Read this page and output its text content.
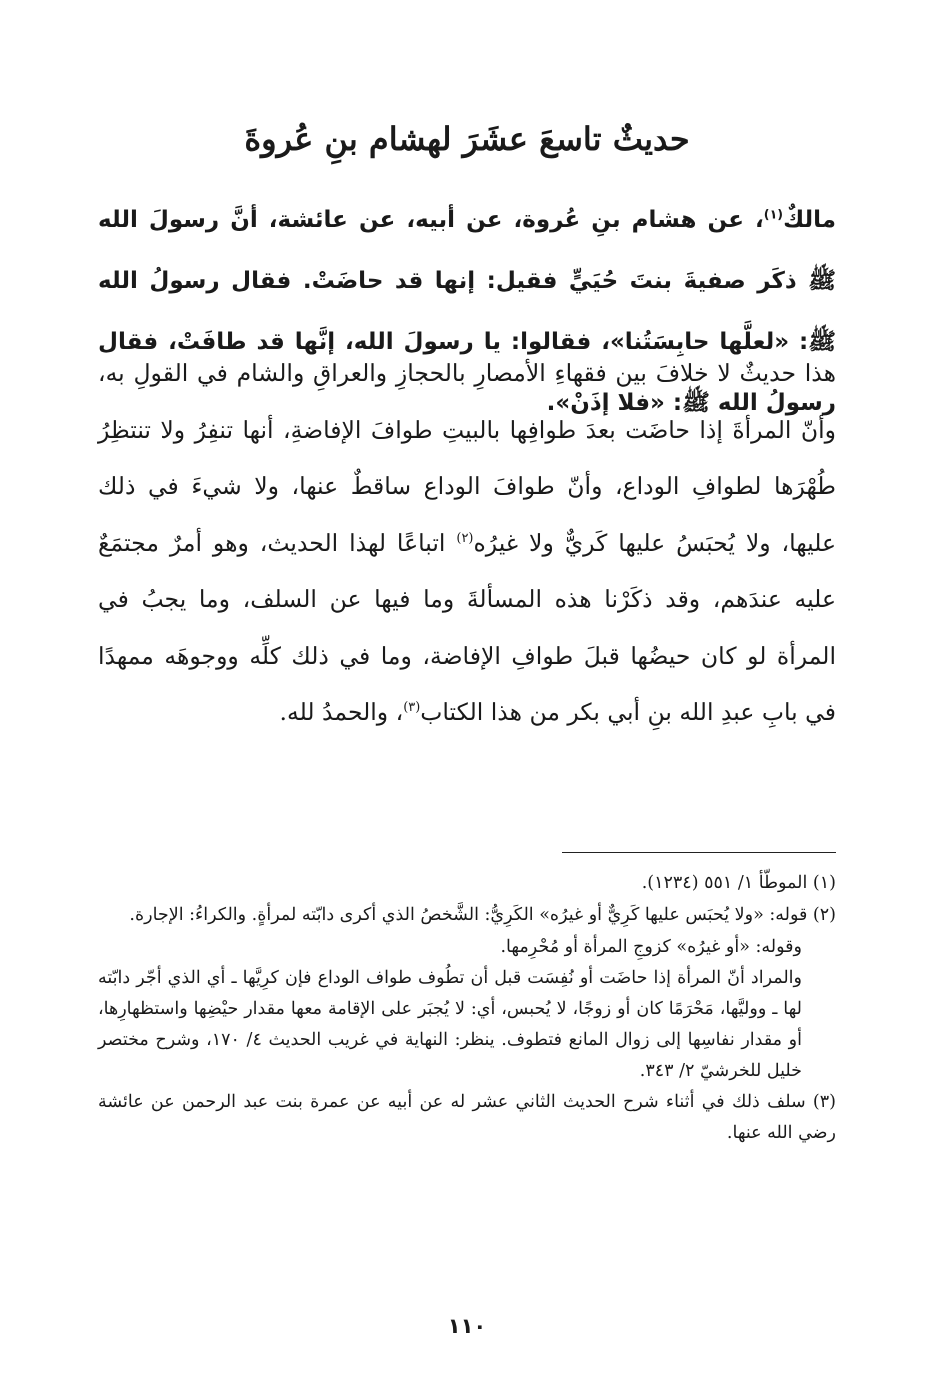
حديثٌ تاسعَ عشَرَ لهشام بنِ عُروةَ

مالكٌ$^{(١)}$، عن هشام بنِ عُروة، عن أبيه، عن عائشة، أنَّ رسولَ الله ﷺ ذكَر صفيةَ بنتَ حُيَيٍّ فقيل: إنها قد حاضَتْ. فقال رسولُ الله ﷺ: «لعلَّها حابِسَتُنا»، فقالوا: يا رسولَ الله، إنَّها قد طافَتْ، فقال رسولُ الله ﷺ: «فلا إذَنْ».

هذا حديثٌ لا خلافَ بين فقهاءِ الأمصارِ بالحجازِ والعراقِ والشام في القولِ به، وأنّ المرأةَ إذا حاضَت بعدَ طوافِها بالبيتِ طوافَ الإفاضةِ، أنها تنفِرُ ولا تنتظِرُ طُهْرَها لطوافِ الوداع، وأنّ طوافَ الوداع ساقطٌ عنها، ولا شيءَ في ذلك عليها، ولا يُحبَسُ عليها كَريٌّ ولا غيرُه$^{(٢)}$ اتباعًا لهذا الحديث، وهو أمرٌ مجتمَعٌ عليه عندَهم، وقد ذكَرْنا هذه المسألةَ وما فيها عن السلف، وما يجبُ في المرأة لو كان حيضُها قبلَ طوافِ الإفاضة، وما في ذلك كلِّه ووجوهَه ممهدًا في بابِ عبدِ الله بنِ أبي بكر من هذا الكتاب$^{(٣)}$، والحمدُ لله.

(١) الموطّأ ١/ ٥٥١ (١٢٣٤).

(٢) قوله: «ولا يُحبَس عليها كَرِيٌّ أو غيرُه» الكَرِيُّ: الشَّخصُ الذي أكرى دابّته لمرأةٍ. والكراءُ: الإجارة.

وقوله: «أو غيرُه» كزوجِ المرأة أو مُحْرِمها.

والمراد أنّ المرأة إذا حاضَت أو نُفِسَت قبل أن تطُوف طواف الوداع فإن كرِيَّها ـ أي الذي أجّر دابّته لها ـ ووليَّها، مَحْرَمًا كان أو زوجًا، لا يُحبس، أي: لا يُجبَر على الإقامة معها مقدار حيْضِها واستظهارِها، أو مقدار نفاسِها إلى زوال المانع فتطوف. ينظر: النهاية في غريب الحديث ٤/ ١٧٠، وشرح مختصر خليل للخرشيّ ٢/ ٣٤٣.

(٣) سلف ذلك في أثناء شرح الحديث الثاني عشر له عن أبيه عن عمرة بنت عبد الرحمن عن عائشة رضي الله عنها.

١١٠
